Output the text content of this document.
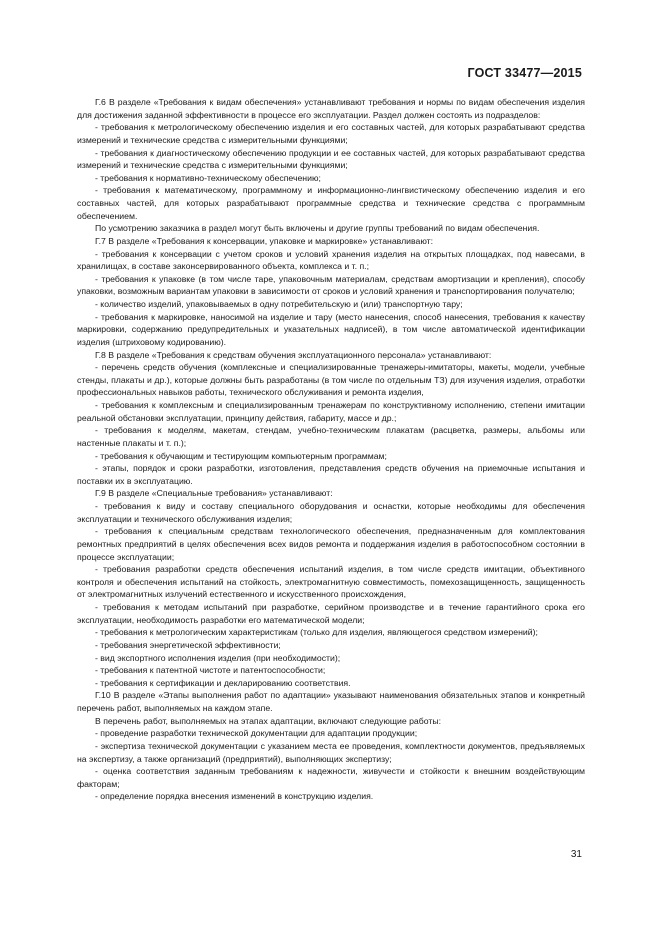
ГОСТ 33477—2015

Г.6 В разделе «Требования к видам обеспечения» устанавливают требования и нормы по видам обеспечения изделия для достижения заданной эффективности в процессе его эксплуатации. Раздел должен состоять из подразделов:

- требования к метрологическому обеспечению изделия и его составных частей, для которых разрабатывают средства измерений и технические средства с измерительными функциями;

- требования к диагностическому обеспечению продукции и ее составных частей, для которых разрабатывают средства измерений и технические средства с измерительными функциями;

- требования к нормативно-техническому обеспечению;

- требования к математическому, программному и информационно-лингвистическому обеспечению изделия и его составных частей, для которых разрабатывают программные средства и технические средства с программным обеспечением.

По усмотрению заказчика в раздел могут быть включены и другие группы требований по видам обеспечения.

Г.7 В разделе «Требования к консервации, упаковке и маркировке» устанавливают:

- требования к консервации с учетом сроков и условий хранения изделия на открытых площадках, под навесами, в хранилищах, в составе законсервированного объекта, комплекса и т. п.;

- требования к упаковке (в том числе таре, упаковочным материалам, средствам амортизации и крепления), способу упаковки, возможным вариантам упаковки в зависимости от сроков и условий хранения и транспортирования получателю;

- количество изделий, упаковываемых в одну потребительскую и (или) транспортную тару;

- требования к маркировке, наносимой на изделие и тару (место нанесения, способ нанесения, требования к качеству маркировки, содержанию предупредительных и указательных надписей), в том числе автоматической идентификации изделия (штриховому кодированию).

Г.8 В разделе «Требования к средствам обучения эксплуатационного персонала» устанавливают:

- перечень средств обучения (комплексные и специализированные тренажеры-имитаторы, макеты, модели, учебные стенды, плакаты и др.), которые должны быть разработаны (в том числе по отдельным ТЗ) для изучения изделия, отработки профессиональных навыков работы, технического обслуживания и ремонта изделия,

- требования к комплексным и специализированным тренажерам по конструктивному исполнению, степени имитации реальной обстановки эксплуатации, принципу действия, габариту, массе и др.;

- требования к моделям, макетам, стендам, учебно-техническим плакатам (расцветка, размеры, альбомы или настенные плакаты и т. п.);

- требования к обучающим и тестирующим компьютерным программам;

- этапы, порядок и сроки разработки, изготовления, представления средств обучения на приемочные испытания и поставки их в эксплуатацию.

Г.9 В разделе «Специальные требования» устанавливают:

- требования к виду и составу специального оборудования и оснастки, которые необходимы для обеспечения эксплуатации и технического обслуживания изделия;

- требования к специальным средствам технологического обеспечения, предназначенным для комплектования ремонтных предприятий в целях обеспечения всех видов ремонта и поддержания изделия в работоспособном состоянии в процессе эксплуатации;

- требования разработки средств обеспечения испытаний изделия, в том числе средств имитации, объективного контроля и обеспечения испытаний на стойкость, электромагнитную совместимость, помехозащищенность, защищенность от электромагнитных излучений естественного и искусственного происхождения,

- требования к методам испытаний при разработке, серийном производстве и в течение гарантийного срока его эксплуатации, необходимость разработки его математической модели;

- требования к метрологическим характеристикам (только для изделия, являющегося средством измерений);

- требования энергетической эффективности;

- вид экспортного исполнения изделия (при необходимости);

- требования к патентной чистоте и патентоспособности;

- требования к сертификации и декларированию соответствия.

Г.10 В разделе «Этапы выполнения работ по адаптации» указывают наименования обязательных этапов и конкретный перечень работ, выполняемых на каждом этапе.

В перечень работ, выполняемых на этапах адаптации, включают следующие работы:

- проведение разработки технической документации для адаптации продукции;

- экспертиза технической документации с указанием места ее проведения, комплектности документов, предъявляемых на экспертизу, а также организаций (предприятий), выполняющих экспертизу;

- оценка соответствия заданным требованиям к надежности, живучести и стойкости к внешним воздействующим факторам;

- определение порядка внесения изменений в конструкцию изделия.

31
